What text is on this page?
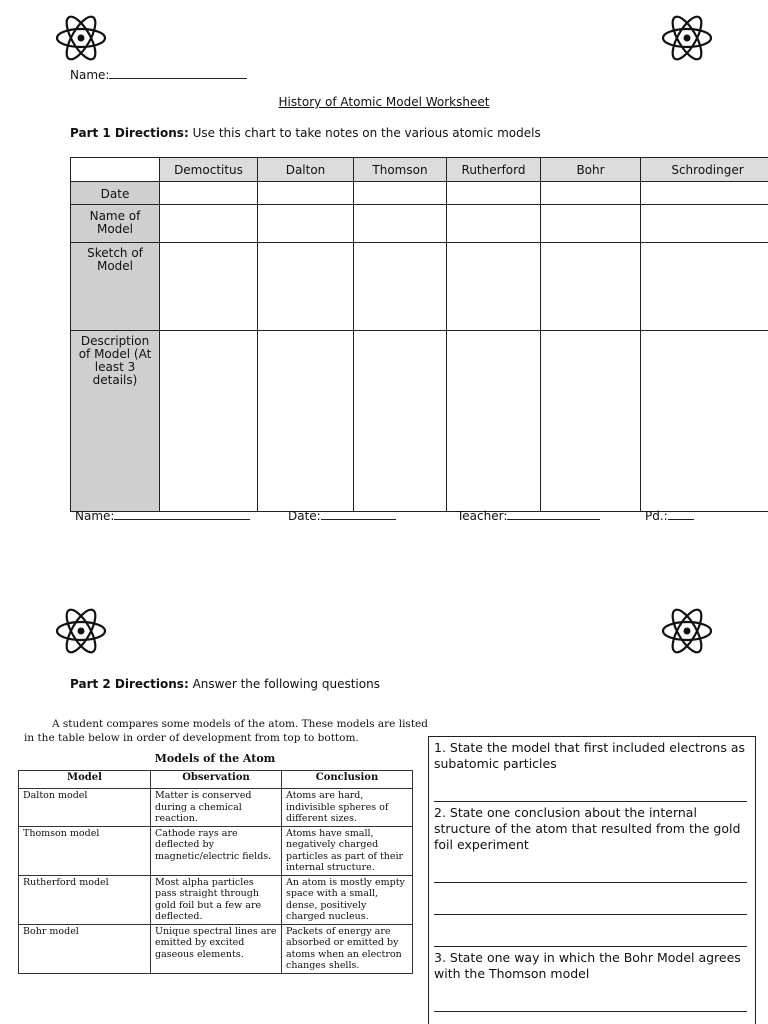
Name:
History of Atomic Model Worksheet
Part 1 Directions: Use this chart to take notes on the various atomic models
	Democtitus	Dalton	Thomson	Rutherford	Bohr	Schrodinger
Date						
Name of Model						
Sketch of Model						
Description of Model (At least 3 details)						
Name:	Date:	Teacher:	Pd.:
Part 2 Directions: Answer the following questions
A student compares some models of the atom. These models are listed in the table below in order of development from top to bottom.
Models of the Atom
Model	Observation	Conclusion
Dalton model	Matter is conserved during a chemical reaction.	Atoms are hard, indivisible spheres of different sizes.
Thomson model	Cathode rays are deflected by magnetic/electric fields.	Atoms have small, negatively charged particles as part of their internal structure.
Rutherford model	Most alpha particles pass straight through gold foil but a few are deflected.	An atom is mostly empty space with a small, dense, positively charged nucleus.
Bohr model	Unique spectral lines are emitted by excited gaseous elements.	Packets of energy are absorbed or emitted by atoms when an electron changes shells.
1. State the model that first included electrons as subatomic particles
2. State one conclusion about the internal structure of the atom that resulted from the gold foil experiment
3. State one way in which the Bohr Model agrees with the Thomson model
